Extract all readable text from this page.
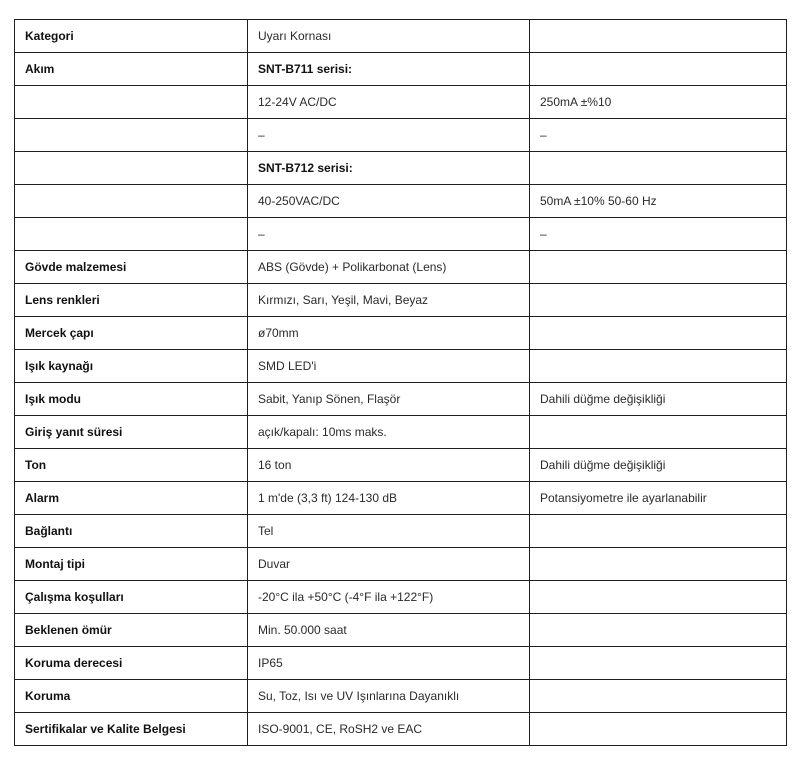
Kategori	Uyarı Kornası	
Akım	SNT-B711 serisi:	
	12-24V AC/DC	250mA ±%10
	–	–
	SNT-B712 serisi:	
	40-250VAC/DC	50mA ±10% 50-60 Hz
	–	–
Gövde malzemesi	ABS (Gövde) + Polikarbonat (Lens)	
Lens renkleri	Kırmızı, Sarı, Yeşil, Mavi, Beyaz	
Mercek çapı	ø70mm	
Işık kaynağı	SMD LED'i	
Işık modu	Sabit, Yanıp Sönen, Flaşör	Dahili düğme değişikliği
Giriş yanıt süresi	açık/kapalı: 10ms maks.	
Ton	16 ton	Dahili düğme değişikliği
Alarm	1 m'de (3,3 ft) 124-130 dB	Potansiyometre ile ayarlanabilir
Bağlantı	Tel	
Montaj tipi	Duvar	
Çalışma koşulları	-20°C ila +50°C (-4°F ila +122°F)	
Beklenen ömür	Min. 50.000 saat	
Koruma derecesi	IP65	
Koruma	Su, Toz, Isı ve UV Işınlarına Dayanıklı	
Sertifikalar ve Kalite Belgesi	ISO-9001, CE, RoSH2 ve EAC	
